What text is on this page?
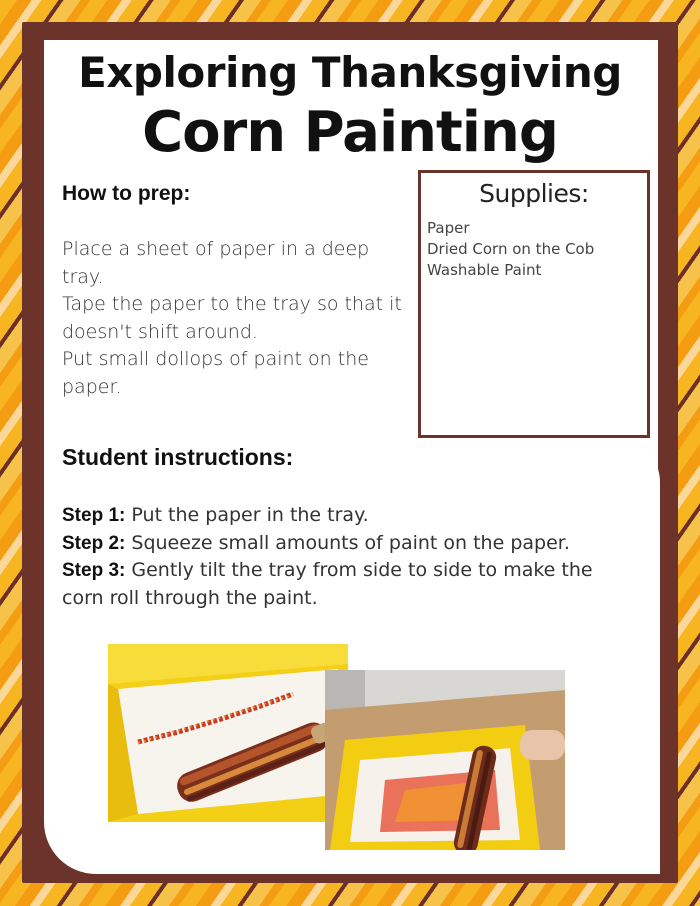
Exploring Thanksgiving
Corn Painting
How to prep:
Place a sheet of paper in a deep tray.
Tape the paper to the tray so that it doesn't shift around.
Put small dollops of paint on the paper.
Supplies:
Paper
Dried Corn on the Cob
Washable Paint
Student instructions:
Step 1: Put the paper in the tray.
Step 2: Squeeze small amounts of paint on the paper.
Step 3: Gently tilt the tray from side to side to make the corn roll through the paint.
